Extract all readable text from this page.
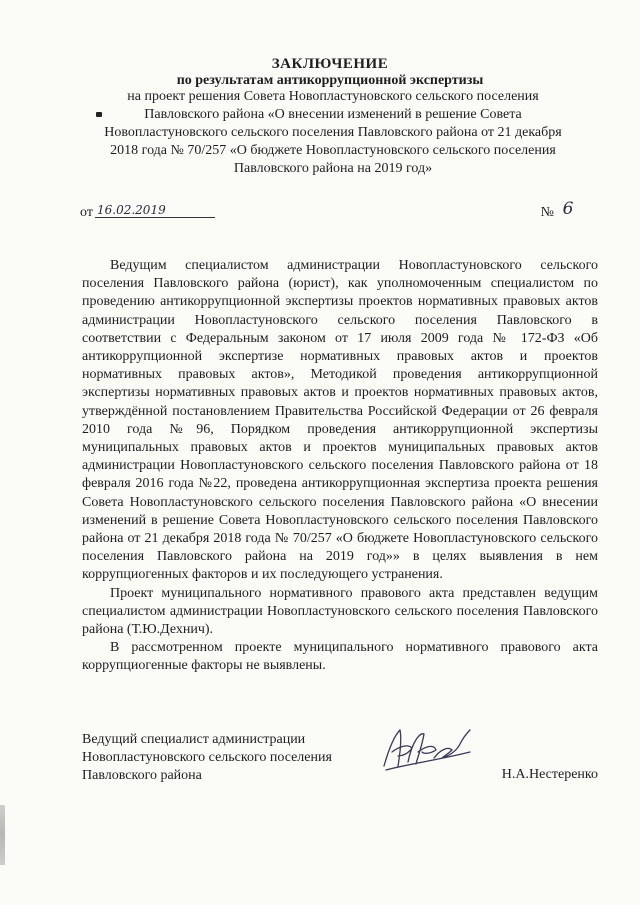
ЗАКЛЮЧЕНИЕ
по результатам антикоррупционной экспертизы
на проект решения Совета Новопластуновского сельского поселения
Павловского района «О внесении изменений в решение Совета
Новопластуновского сельского поселения Павловского района от 21 декабря
2018 года № 70/257 «О бюджете Новопластуновского сельского поселения
Павловского района на 2019 год»
от 16.02.2019	№ 6

Ведущим специалистом администрации Новопластуновского сельского поселения Павловского района (юрист), как уполномоченным специалистом по проведению антикоррупционной экспертизы проектов нормативных правовых актов администрации Новопластуновского сельского поселения Павловского в соответствии с Федеральным законом от 17 июля 2009 года № 172-ФЗ «Об антикоррупционной экспертизе нормативных правовых актов и проектов нормативных правовых актов», Методикой проведения антикоррупционной экспертизы нормативных правовых актов и проектов нормативных правовых актов, утверждённой постановлением Правительства Российской Федерации от 26 февраля 2010 года №96, Порядком проведения антикоррупционной экспертизы муниципальных правовых актов и проектов муниципальных правовых актов администрации Новопластуновского сельского поселения Павловского района от 18 февраля 2016 года №22, проведена антикоррупционная экспертиза проекта решения Совета Новопластуновского сельского поселения Павловского района «О внесении изменений в решение Совета Новопластуновского сельского поселения Павловского района от 21 декабря 2018 года № 70/257 «О бюджете Новопластуновского сельского поселения Павловского района на 2019 год»» в целях выявления в нем коррупциогенных факторов и их последующего устранения.

Проект муниципального нормативного правового акта представлен ведущим специалистом администрации Новопластуновского сельского поселения Павловского района (Т.Ю.Дехнич).

В рассмотренном проекте муниципального нормативного правового акта коррупциогенные факторы не выявлены.

Ведущий специалист администрации
Новопластуновского сельского поселения
Павловского района	Н.А.Нестеренко
